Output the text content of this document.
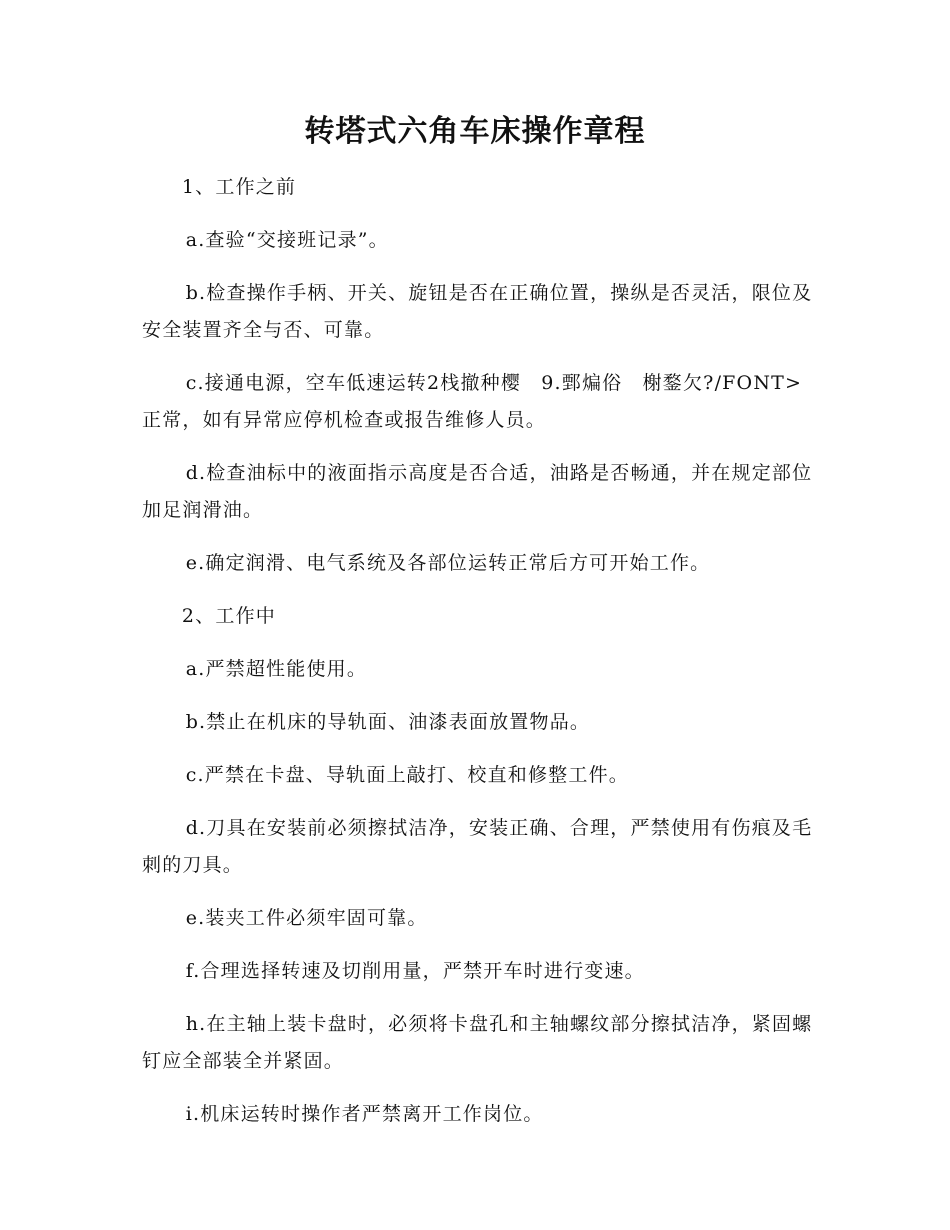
转塔式六角车床操作章程

1、工作之前

a.查验“交接班记录”。

b.检查操作手柄、开关、旋钮是否在正确位置，操纵是否灵活，限位及安全装置齐全与否、可靠。

c.接通电源，空车低速运转2栈撤种樱　9.鄄煸俗　榭鍪欠?/FONT> 正常，如有异常应停机检查或报告维修人员。

d.检查油标中的液面指示高度是否合适，油路是否畅通，并在规定部位加足润滑油。

e.确定润滑、电气系统及各部位运转正常后方可开始工作。

2、工作中

a.严禁超性能使用。

b.禁止在机床的导轨面、油漆表面放置物品。

c.严禁在卡盘、导轨面上敲打、校直和修整工件。

d.刀具在安装前必须擦拭洁净，安装正确、合理，严禁使用有伤痕及毛刺的刀具。

e.装夹工件必须牢固可靠。

f.合理选择转速及切削用量，严禁开车时进行变速。

h.在主轴上装卡盘时，必须将卡盘孔和主轴螺纹部分擦拭洁净，紧固螺钉应全部装全并紧固。

i.机床运转时操作者严禁离开工作岗位。
